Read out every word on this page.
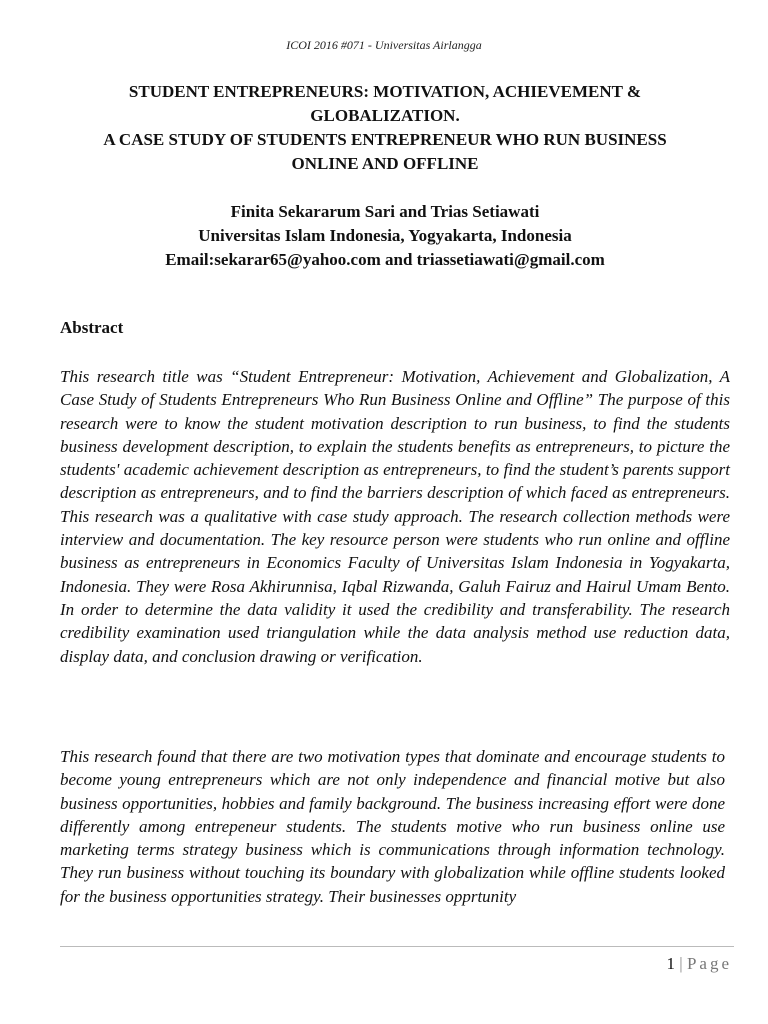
ICOI 2016 #071 - Universitas Airlangga
STUDENT ENTREPRENEURS: MOTIVATION, ACHIEVEMENT &
GLOBALIZATION.
A CASE STUDY OF STUDENTS ENTREPRENEUR WHO RUN BUSINESS
ONLINE AND OFFLINE
Finita Sekararum Sari and Trias Setiawati
Universitas Islam Indonesia, Yogyakarta, Indonesia
Email:sekarar65@yahoo.com and triassetiawati@gmail.com
Abstract
This research title was “Student Entrepreneur: Motivation, Achievement and Globalization, A Case Study of Students Entrepreneurs Who Run Business Online and Offline” The purpose of this research were to know the student motivation description to run business, to find the students business development description, to explain the students benefits as entrepreneurs, to picture the students' academic achievement description as entrepreneurs, to find the student’s parents support description as entrepreneurs, and to find the barriers description of which faced as entrepreneurs. This research was a qualitative with case study approach. The research collection methods were interview and documentation. The key resource person were students who run online and offline business as entrepreneurs in Economics Faculty of Universitas Islam Indonesia in Yogyakarta, Indonesia. They were Rosa Akhirunnisa, Iqbal Rizwanda, Galuh Fairuz and Hairul Umam Bento. In order to determine the data validity it used the credibility and transferability. The research credibility examination used triangulation while the data analysis method use reduction data, display data, and conclusion drawing or verification.
This research found that there are two motivation types that dominate and encourage students to become young entrepreneurs which are not only independence and financial motive but also business opportunities, hobbies and family background. The business increasing effort were done differently among entrepeneur students. The students motive who run business online use marketing terms strategy business which is communications through information technology. They run business without touching its boundary with globalization while offline students looked for the business opportunities strategy. Their businesses opprtunity
1 | Page
